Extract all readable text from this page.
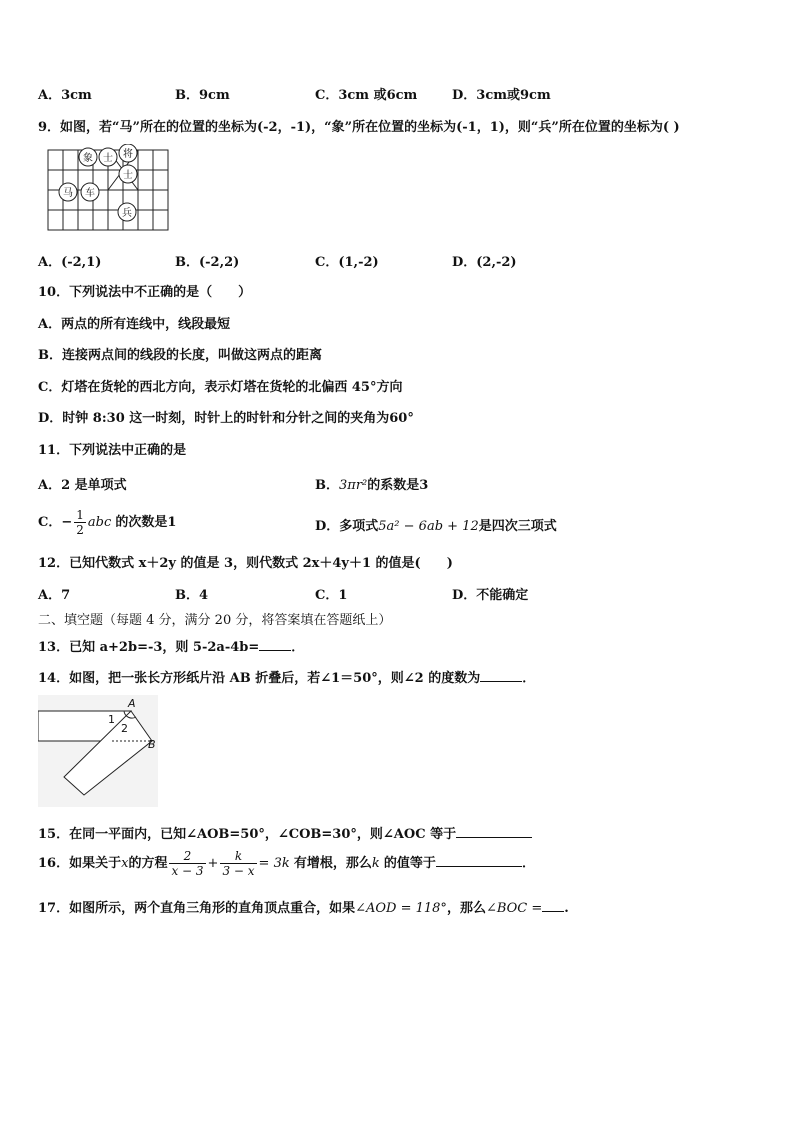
A．3cm	B．9cm	C．3cm 或6cm	D．3cm或9cm
9．如图，若“马”所在的位置的坐标为(-2，-1)，“象”所在位置的坐标为(-1，1)，则“兵”所在位置的坐标为( )
象 士 将
士
马 车
兵
A．(-2,1)	B．(-2,2)	C．(1,-2)	D．(2,-2)
10．下列说法中不正确的是（　　）
A．两点的所有连线中，线段最短
B．连接两点间的线段的长度，叫做这两点的距离
C．灯塔在货轮的西北方向，表示灯塔在货轮的北偏西 45°方向
D．时钟 8:30 这一时刻，时针上的时针和分针之间的夹角为60°
11．下列说法中正确的是
A．2 是单项式	B．3πr²的系数是3
C．− $\frac{1}{2}$ abc 的次数是1	D．多项式5a² − 6ab + 12是四次三项式
12．已知代数式 x＋2y 的值是 3，则代数式 2x＋4y＋1 的值是(　　)
A．7	B．4	C．1	D．不能确定
二、填空题（每题 4 分，满分 20 分，将答案填在答题纸上）
13．已知 a+2b=-3，则 5-2a-4b= ．
14．如图，把一张长方形纸片沿 AB 折叠后，若∠1＝50°，则∠2 的度数为	．
A
B
1
2
15．在同一平面内，已知∠AOB=50°，∠COB=30°，则∠AOC 等于
16．如果关于x的方程 $\frac{2}{x - 3} + \frac{k}{3 - x} = 3k$ 有增根，那么k 的值等于	．
17．如图所示，两个直角三角形的直角顶点重合，如果∠AOD = 118°，那么∠BOC = .
